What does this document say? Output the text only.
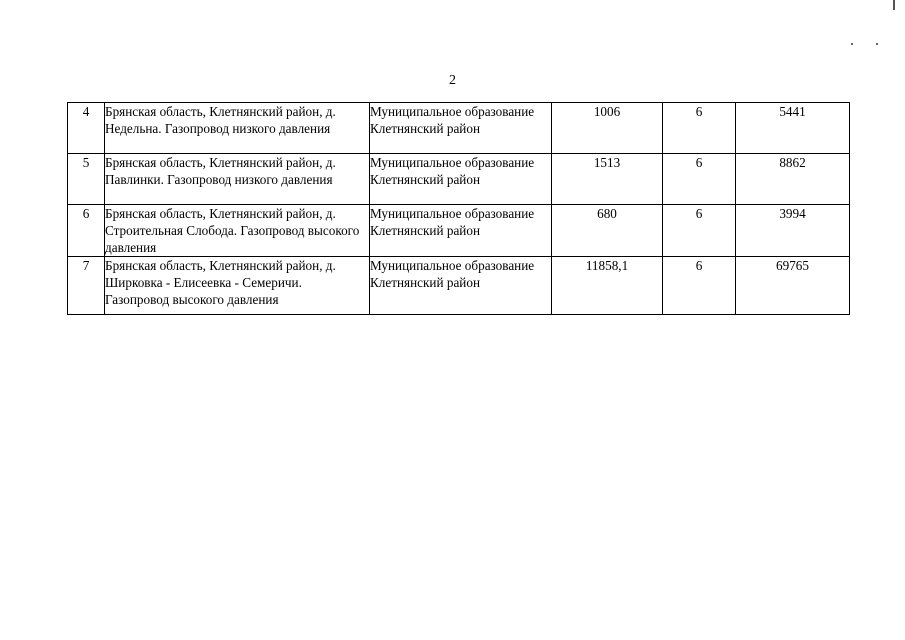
2
4	Брянская область, Клетнянский район, д. Недельна. Газопровод низкого давления	Муниципальное образование Клетнянский район	1006	6	5441
5	Брянская область, Клетнянский район, д. Павлинки. Газопровод низкого давления	Муниципальное образование Клетнянский район	1513	6	8862
6	Брянская область, Клетнянский район, д. Строительная Слобода. Газопровод высокого давления	Муниципальное образование Клетнянский район	680	6	3994
7	Брянская область, Клетнянский район, д. Ширковка - Елисеевка - Семеричи. Газопровод высокого давления	Муниципальное образование Клетнянский район	11858,1	6	69765
